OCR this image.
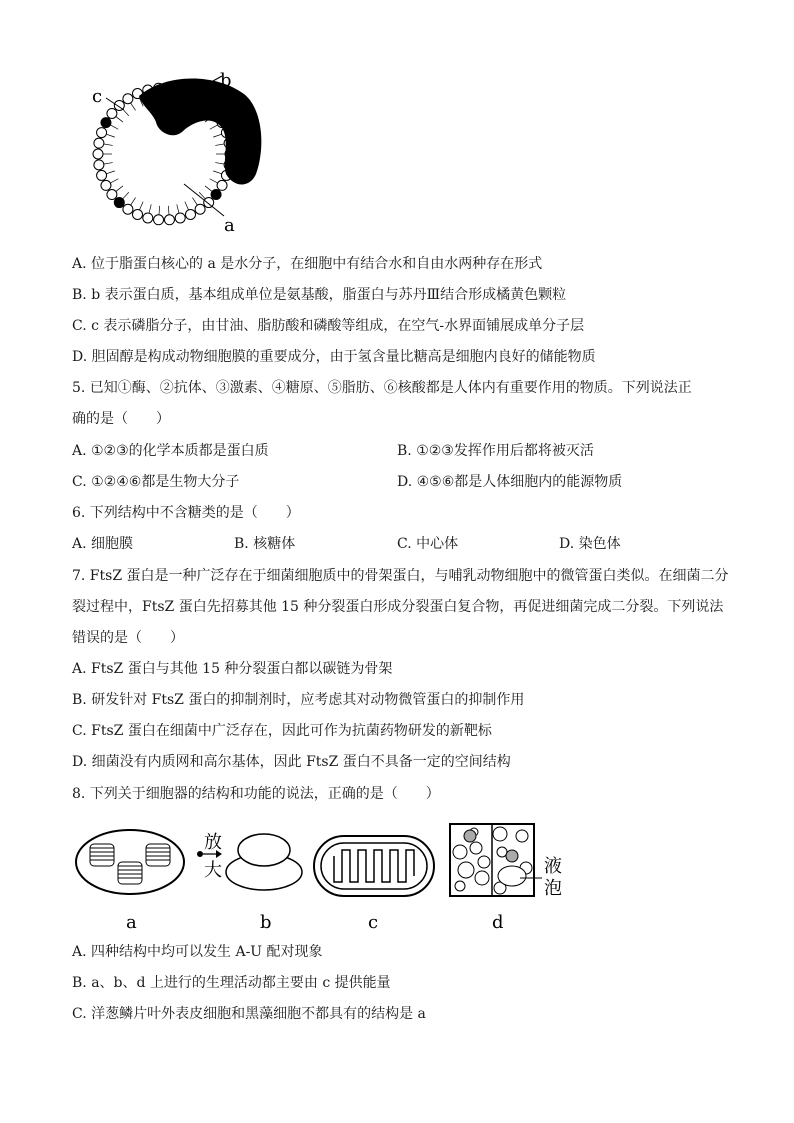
b
c
a
A. 位于脂蛋白核心的 a 是水分子，在细胞中有结合水和自由水两种存在形式
B. b 表示蛋白质，基本组成单位是氨基酸，脂蛋白与苏丹Ⅲ结合形成橘黄色颗粒
C. c 表示磷脂分子，由甘油、脂肪酸和磷酸等组成，在空气-水界面铺展成单分子层
D. 胆固醇是构成动物细胞膜的重要成分，由于氢含量比糖高是细胞内良好的储能物质
5. 已知①酶、②抗体、③激素、④糖原、⑤脂肪、⑥核酸都是人体内有重要作用的物质。下列说法正
确的是（　　）
A. ①②③的化学本质都是蛋白质	B. ①②③发挥作用后都将被灭活
C. ①②④⑥都是生物大分子	D. ④⑤⑥都是人体细胞内的能源物质
6. 下列结构中不含糖类的是（　　）
A. 细胞膜	B. 核糖体	C. 中心体	D. 染色体
7. FtsZ 蛋白是一种广泛存在于细菌细胞质中的骨架蛋白，与哺乳动物细胞中的微管蛋白类似。在细菌二分
裂过程中，FtsZ 蛋白先招募其他 15 种分裂蛋白形成分裂蛋白复合物，再促进细菌完成二分裂。下列说法
错误的是（　　）
A. FtsZ 蛋白与其他 15 种分裂蛋白都以碳链为骨架
B. 研发针对 FtsZ 蛋白的抑制剂时，应考虑其对动物微管蛋白的抑制作用
C. FtsZ 蛋白在细菌中广泛存在，因此可作为抗菌药物研发的新靶标
D. 细菌没有内质网和高尔基体，因此 FtsZ 蛋白不具备一定的空间结构
8. 下列关于细胞器的结构和功能的说法，正确的是（　　）
a
放
大
b	c
液
泡
d
A. 四种结构中均可以发生 A-U 配对现象
B. a、b、d 上进行的生理活动都主要由 c 提供能量
C. 洋葱鳞片叶外表皮细胞和黑藻细胞不都具有的结构是 a
